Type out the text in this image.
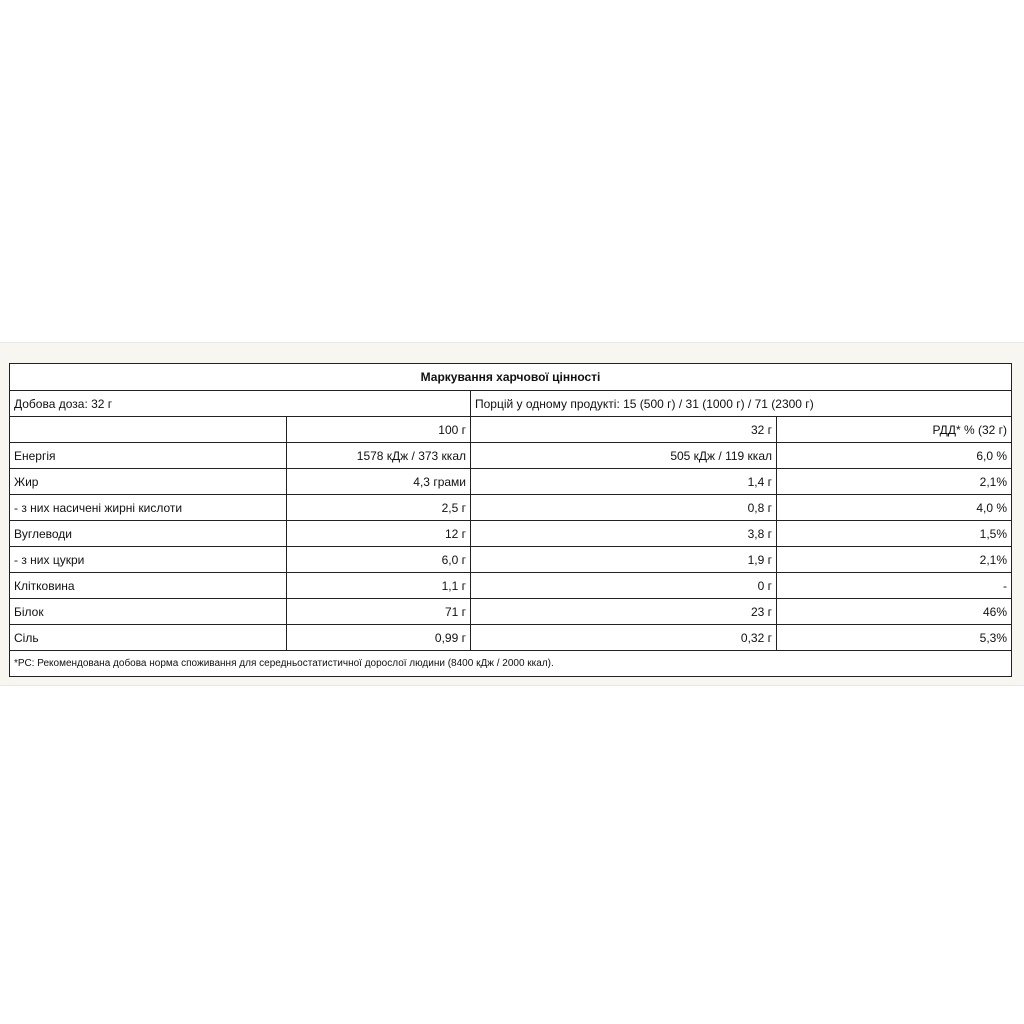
Маркування харчової цінності			
Добова доза: 32 г		Порцій у одному продукті: 15 (500 г) / 31 (1000 г) / 71 (2300 г)	
	100 г	32 г	РДД* % (32 г)
Енергія	1578 кДж / 373 ккал	505 кДж / 119 ккал	6,0 %
Жир	4,3 грами	1,4 г	2,1%
- з них насичені жирні кислоти	2,5 г	0,8 г	4,0 %
Вуглеводи	12 г	3,8 г	1,5%
- з них цукри	6,0 г	1,9 г	2,1%
Клітковина	1,1 г	0 г	-
Білок	71 г	23 г	46%
Сіль	0,99 г	0,32 г	5,3%
*РС: Рекомендована добова норма споживання для середньостатистичної дорослої людини (8400 кДж / 2000 ккал).			
